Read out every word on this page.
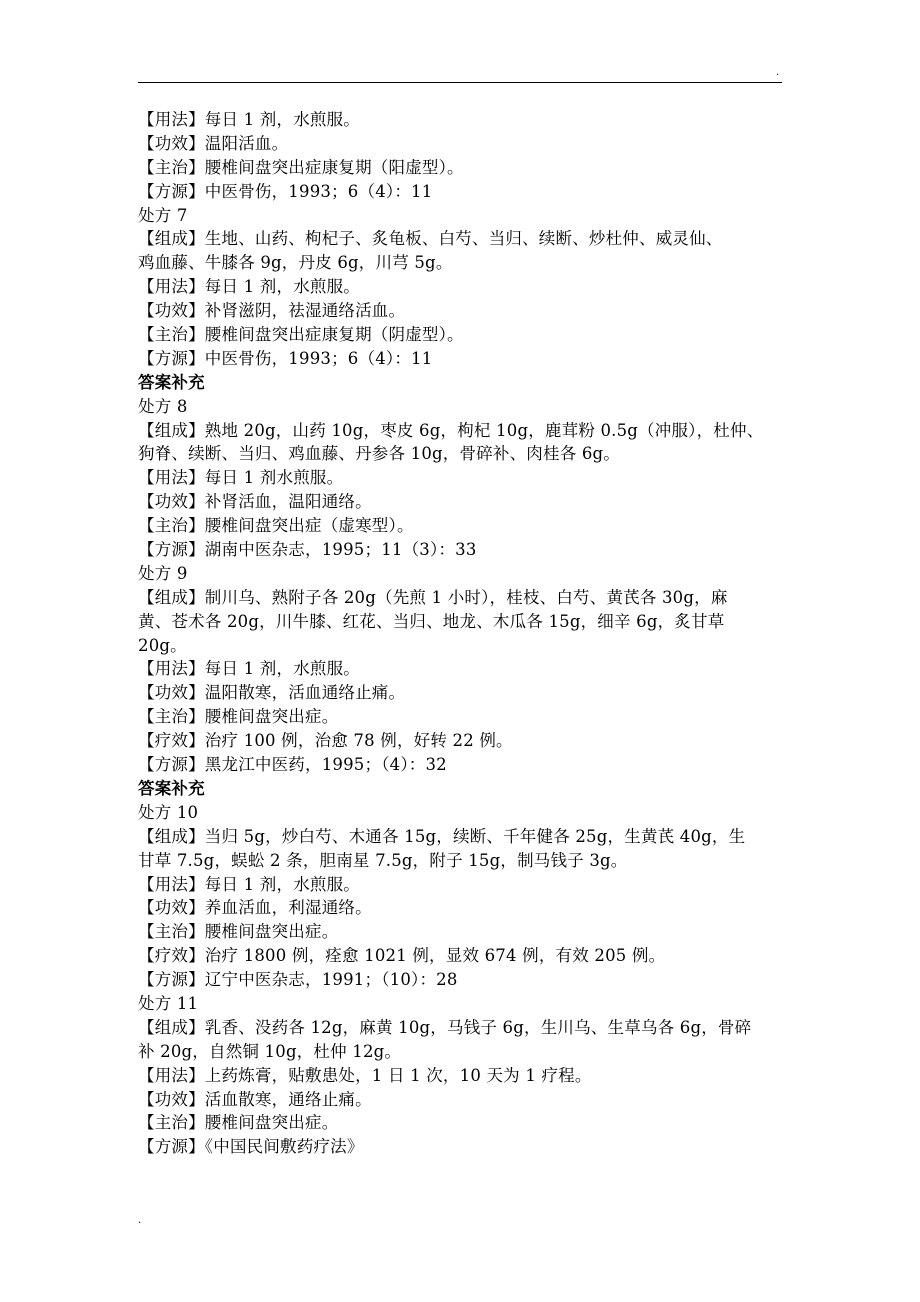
.
【用法】每日 1 剂，水煎服。
【功效】温阳活血。
【主治】腰椎间盘突出症康复期（阳虚型）。
【方源】中医骨伤，1993；6（4）：11
处方 7
【组成】生地、山药、枸杞子、炙龟板、白芍、当归、续断、炒杜仲、威灵仙、
鸡血藤、牛膝各 9g，丹皮 6g，川芎 5g。
【用法】每日 1 剂，水煎服。
【功效】补肾滋阴，祛湿通络活血。
【主治】腰椎间盘突出症康复期（阴虚型）。
【方源】中医骨伤，1993；6（4）：11
答案补充
处方 8
【组成】熟地 20g，山药 10g，枣皮 6g，枸杞 10g，鹿茸粉 0.5g（冲服），杜仲、
狗脊、续断、当归、鸡血藤、丹参各 10g，骨碎补、肉桂各 6g。
【用法】每日 1 剂水煎服。
【功效】补肾活血，温阳通络。
【主治】腰椎间盘突出症（虚寒型）。
【方源】湖南中医杂志，1995；11（3）：33
处方 9
【组成】制川乌、熟附子各 20g（先煎 1 小时），桂枝、白芍、黄芪各 30g，麻
黄、苍术各 20g，川牛膝、红花、当归、地龙、木瓜各 15g，细辛 6g，炙甘草
20g。
【用法】每日 1 剂，水煎服。
【功效】温阳散寒，活血通络止痛。
【主治】腰椎间盘突出症。
【疗效】治疗 100 例，治愈 78 例，好转 22 例。
【方源】黑龙江中医药，1995；（4）：32
答案补充
处方 10
【组成】当归 5g，炒白芍、木通各 15g，续断、千年健各 25g，生黄芪 40g，生
甘草 7.5g，蜈蚣 2 条，胆南星 7.5g，附子 15g，制马钱子 3g。
【用法】每日 1 剂，水煎服。
【功效】养血活血，利湿通络。
【主治】腰椎间盘突出症。
【疗效】治疗 1800 例，痊愈 1021 例，显效 674 例，有效 205 例。
【方源】辽宁中医杂志，1991；（10）：28
处方 11
【组成】乳香、没药各 12g，麻黄 10g，马钱子 6g，生川乌、生草乌各 6g，骨碎
补 20g，自然铜 10g，杜仲 12g。
【用法】上药炼膏，贴敷患处，1 日 1 次，10 天为 1 疗程。
【功效】活血散寒，通络止痛。
【主治】腰椎间盘突出症。
【方源】《中国民间敷药疗法》
.
